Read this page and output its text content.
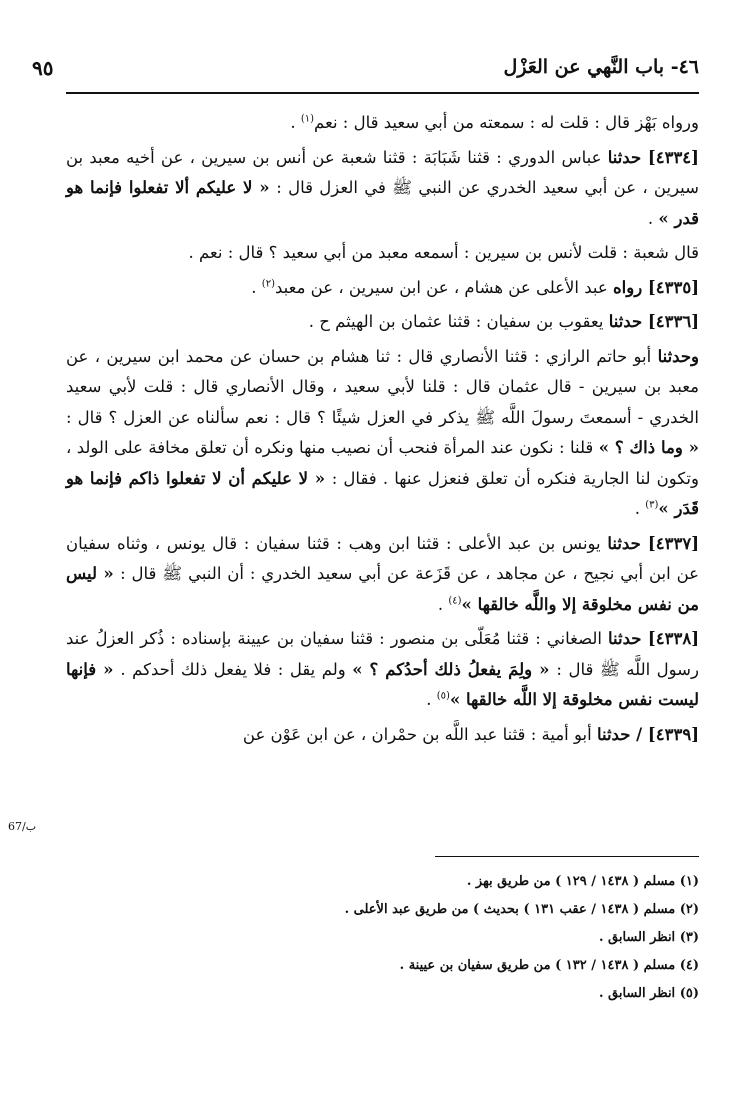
٤٦- باب النَّهي عن العَزْل
٩٥

ورواه بَهْز قال : قلت له : سمعته من أبي سعيد قال : نعم$^{(١)}$ .

[٤٣٣٤] حدثنا عباس الدوري : قثنا شَبَابَة : قثنا شعبة عن أنس بن سيرين ، عن أخيه معبد بن سيرين ، عن أبي سعيد الخدري عن النبي ﷺ في العزل قال : « لا عليكم ألا تفعلوا فإنما هو قدر » .

قال شعبة : قلت لأنس بن سيرين : أسمعه معبد من أبي سعيد ؟ قال : نعم .

[٤٣٣٥] رواه عبد الأعلى عن هشام ، عن ابن سيرين ، عن معبد$^{(٢)}$ .

[٤٣٣٦] حدثنا يعقوب بن سفيان : قثنا عثمان بن الهيثم ح .

وحدثنا أبو حاتم الرازي : قثنا الأنصاري قال : ثنا هشام بن حسان عن محمد ابن سيرين ، عن معبد بن سيرين - قال عثمان قال : قلنا لأبي سعيد ، وقال الأنصاري قال : قلت لأبي سعيد الخدري - أسمعتَ رسولَ اللَّه ﷺ يذكر في العزل شيئًا ؟ قال : نعم سألناه عن العزل ؟ قال : « وما ذاك ؟ » قلنا : نكون عند المرأة فنحب أن نصيب منها ونكره أن تعلق مخافة على الولد ، وتكون لنا الجارية فنكره أن تعلق فنعزل عنها . فقال : « لا عليكم أن لا تفعلوا ذاكم فإنما هو قَدَر »$^{(٣)}$ .

[٤٣٣٧] حدثنا يونس بن عبد الأعلى : قثنا ابن وهب : قثنا سفيان : قال يونس ، وثناه سفيان عن ابن أبي نجيح ، عن مجاهد ، عن قَزَعة عن أبي سعيد الخدري : أن النبي ﷺ قال : « ليس من نفس مخلوقة إلا واللَّه خالقها »$^{(٤)}$ .

[٤٣٣٨] حدثنا الصغاني : قثنا مُعَلّى بن منصور : قثنا سفيان بن عيينة بإسناده : ذُكر العزلُ عند رسول اللَّه ﷺ قال : « ولِمَ يفعلُ ذلك أحدُكم ؟ » ولم يقل : فلا يفعل ذلك أحدكم . « فإنها ليست نفس مخلوقة إلا اللَّه خالقها »$^{(٥)}$ .

[٤٣٣٩] / حدثنا أبو أمية : قثنا عبد اللَّه بن حمْران ، عن ابن عَوْن عن

67/ب

(١) مسلم ( ١٤٣٨ / ١٢٩ ) من طريق بهز .

(٢) مسلم ( ١٤٣٨ / عقب ١٣١ ) بحديث ) من طريق عبد الأعلى .

(٣) انظر السابق .

(٤) مسلم ( ١٤٣٨ / ١٣٢ ) من طريق سفيان بن عيينة .

(٥) انظر السابق .
